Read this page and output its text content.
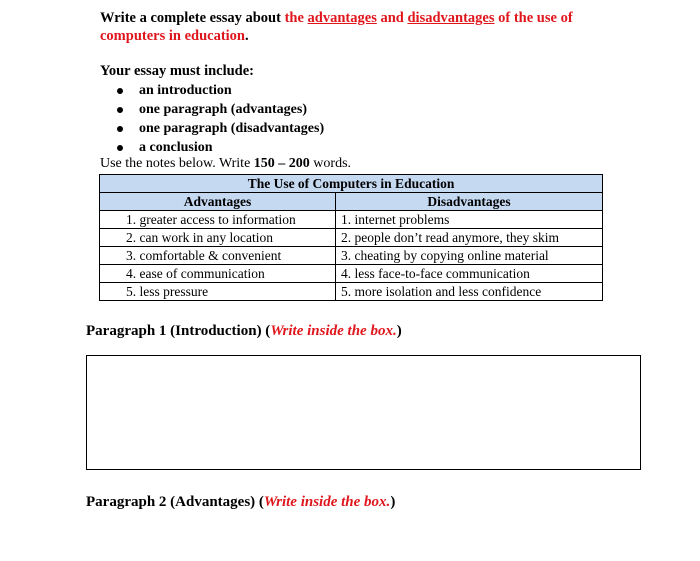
Write a complete essay about the advantages and disadvantages of the use of computers in education.
Your essay must include:
an introduction
one paragraph (advantages)
one paragraph (disadvantages)
a conclusion
Use the notes below. Write 150 – 200 words.
The Use of Computers in Education	
Advantages	Disadvantages
1. greater access to information	1. internet problems
2. can work in any location	2. people don’t read anymore, they skim
3. comfortable & convenient	3. cheating by copying online material
4. ease of communication	4. less face-to-face communication
5. less pressure	5. more isolation and less confidence
Paragraph 1 (Introduction) (Write inside the box.)
Paragraph 2 (Advantages) (Write inside the box.)
